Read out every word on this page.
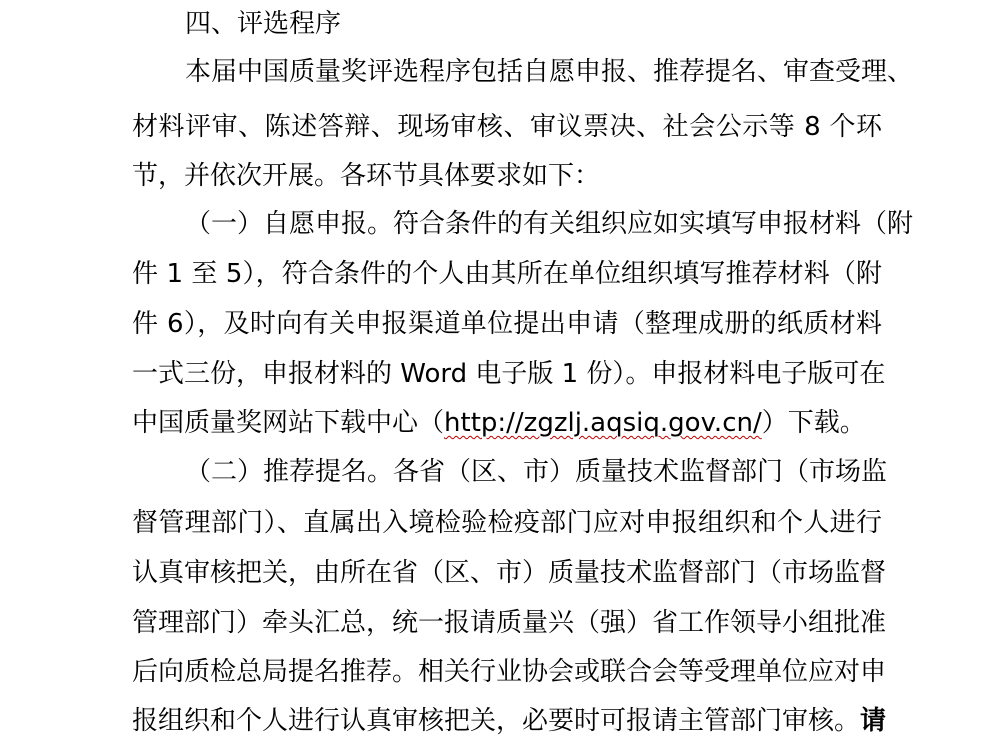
四、评选程序
本届中国质量奖评选程序包括自愿申报、推荐提名、审查受理、
材料评审、陈述答辩、现场审核、审议票决、社会公示等 8 个环
节，并依次开展。各环节具体要求如下：
（一）自愿申报。符合条件的有关组织应如实填写申报材料（附
件 1 至 5），符合条件的个人由其所在单位组织填写推荐材料（附
件 6），及时向有关申报渠道单位提出申请（整理成册的纸质材料
一式三份，申报材料的 Word 电子版 1 份）。申报材料电子版可在
中国质量奖网站下载中心（http://zgzlj.aqsiq.gov.cn/）下载。
（二）推荐提名。各省（区、市）质量技术监督部门（市场监
督管理部门）、直属出入境检验检疫部门应对申报组织和个人进行
认真审核把关，由所在省（区、市）质量技术监督部门（市场监督
管理部门）牵头汇总，统一报请质量兴（强）省工作领导小组批准
后向质检总局提名推荐。相关行业协会或联合会等受理单位应对申
报组织和个人进行认真审核把关，必要时可报请主管部门审核。请
